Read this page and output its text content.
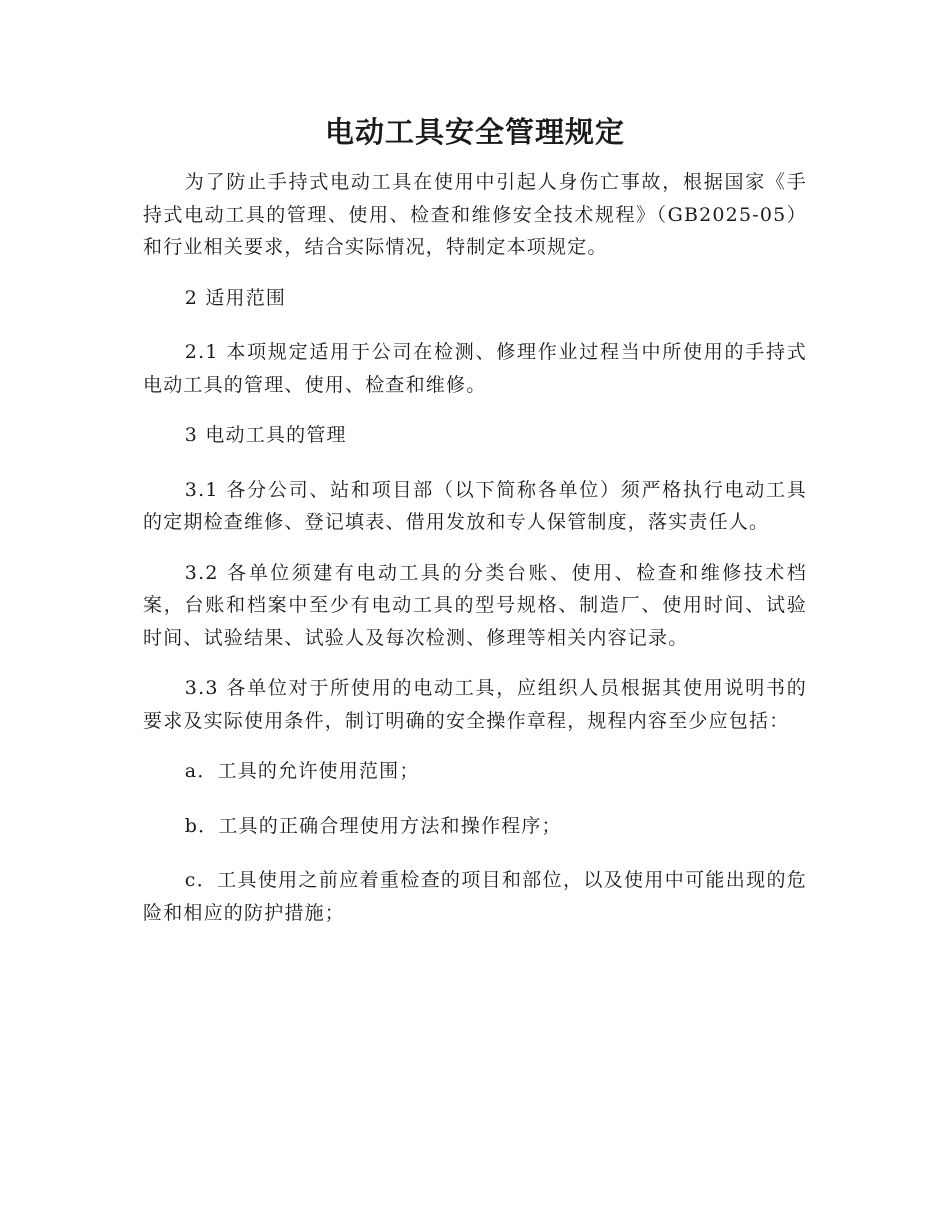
电动工具安全管理规定

为了防止手持式电动工具在使用中引起人身伤亡事故，根据国家《手持式电动工具的管理、使用、检查和维修安全技术规程》（GB2025-05）和行业相关要求，结合实际情况，特制定本项规定。

2 适用范围

2.1 本项规定适用于公司在检测、修理作业过程当中所使用的手持式电动工具的管理、使用、检查和维修。

3 电动工具的管理

3.1 各分公司、站和项目部（以下简称各单位）须严格执行电动工具的定期检查维修、登记填表、借用发放和专人保管制度，落实责任人。

3.2 各单位须建有电动工具的分类台账、使用、检查和维修技术档案，台账和档案中至少有电动工具的型号规格、制造厂、使用时间、试验时间、试验结果、试验人及每次检测、修理等相关内容记录。

3.3 各单位对于所使用的电动工具，应组织人员根据其使用说明书的要求及实际使用条件，制订明确的安全操作章程，规程内容至少应包括：

a．工具的允许使用范围；

b．工具的正确合理使用方法和操作程序；

c．工具使用之前应着重检查的项目和部位，以及使用中可能出现的危险和相应的防护措施；
